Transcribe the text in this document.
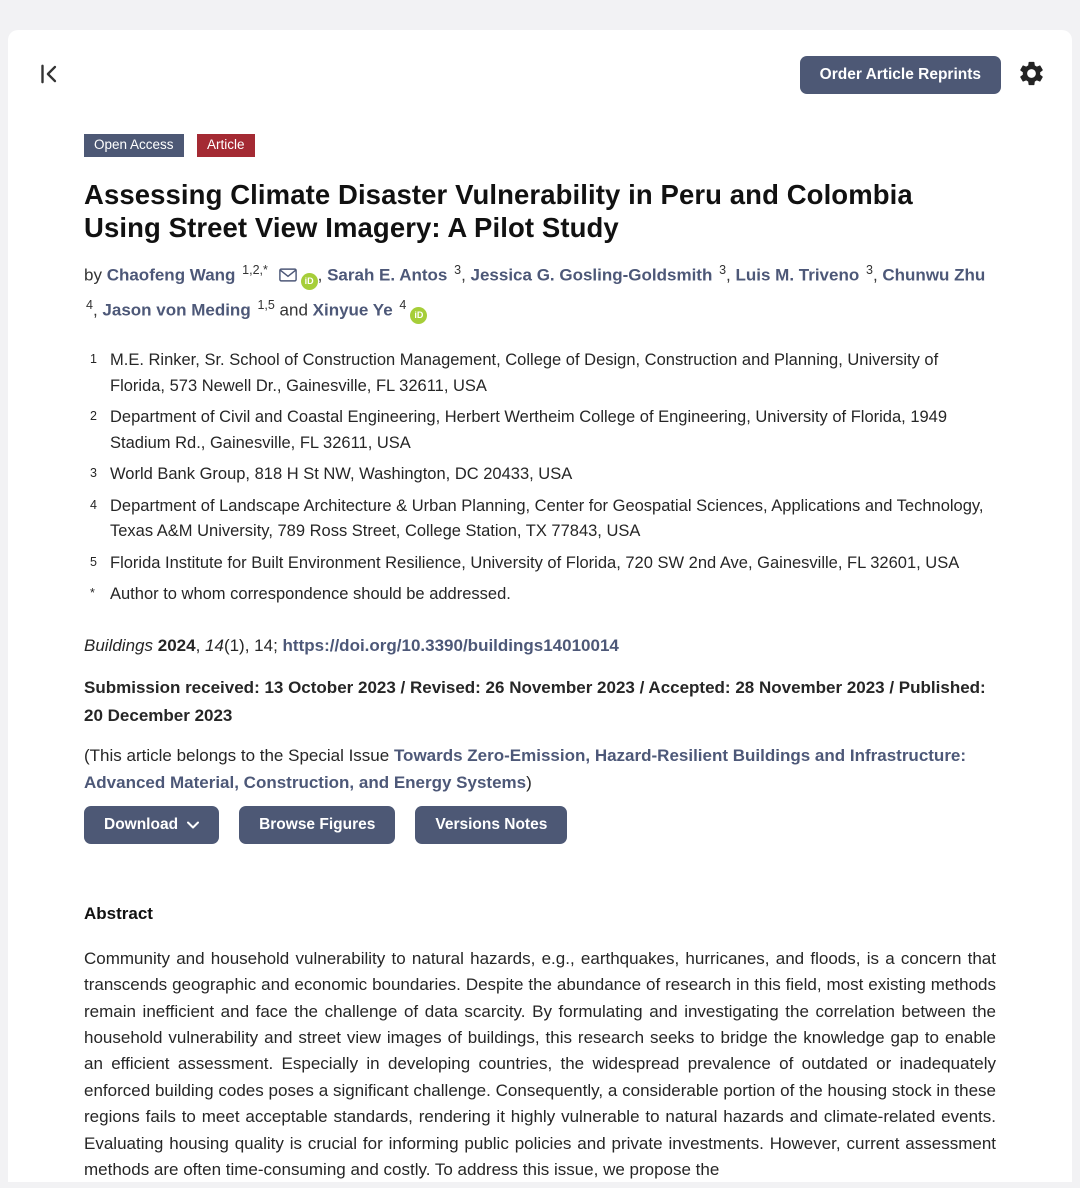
Order Article Reprints
Open Access Article
Assessing Climate Disaster Vulnerability in Peru and Colombia Using Street View Imagery: A Pilot Study
by Chaofeng Wang $^{1,2,*}$ iD , Sarah E. Antos $^3$, Jessica G. Gosling-Goldsmith $^3$, Luis M. Triveno $^3$, Chunwu Zhu $^4$, Jason von Meding $^{1,5}$ and Xinyue Ye $^4$iD
1 M.E. Rinker, Sr. School of Construction Management, College of Design, Construction and Planning, University of Florida, 573 Newell Dr., Gainesville, FL 32611, USA
2 Department of Civil and Coastal Engineering, Herbert Wertheim College of Engineering, University of Florida, 1949 Stadium Rd., Gainesville, FL 32611, USA
3 World Bank Group, 818 H St NW, Washington, DC 20433, USA
4 Department of Landscape Architecture & Urban Planning, Center for Geospatial Sciences, Applications and Technology, Texas A&M University, 789 Ross Street, College Station, TX 77843, USA
5 Florida Institute for Built Environment Resilience, University of Florida, 720 SW 2nd Ave, Gainesville, FL 32601, USA
* Author to whom correspondence should be addressed.
Buildings 2024, 14(1), 14; https://doi.org/10.3390/buildings14010014
Submission received: 13 October 2023 / Revised: 26 November 2023 / Accepted: 28 November 2023 / Published: 20 December 2023
(This article belongs to the Special Issue Towards Zero-Emission, Hazard-Resilient Buildings and Infrastructure: Advanced Material, Construction, and Energy Systems)
Download	Browse Figures	Versions Notes
Abstract
Community and household vulnerability to natural hazards, e.g., earthquakes, hurricanes, and floods, is a concern that transcends geographic and economic boundaries. Despite the abundance of research in this field, most existing methods remain inefficient and face the challenge of data scarcity. By formulating and investigating the correlation between the household vulnerability and street view images of buildings, this research seeks to bridge the knowledge gap to enable an efficient assessment. Especially in developing countries, the widespread prevalence of outdated or inadequately enforced building codes poses a significant challenge. Consequently, a considerable portion of the housing stock in these regions fails to meet acceptable standards, rendering it highly vulnerable to natural hazards and climate-related events. Evaluating housing quality is crucial for informing public policies and private investments. However, current assessment methods are often time-consuming and costly. To address this issue, we propose the
